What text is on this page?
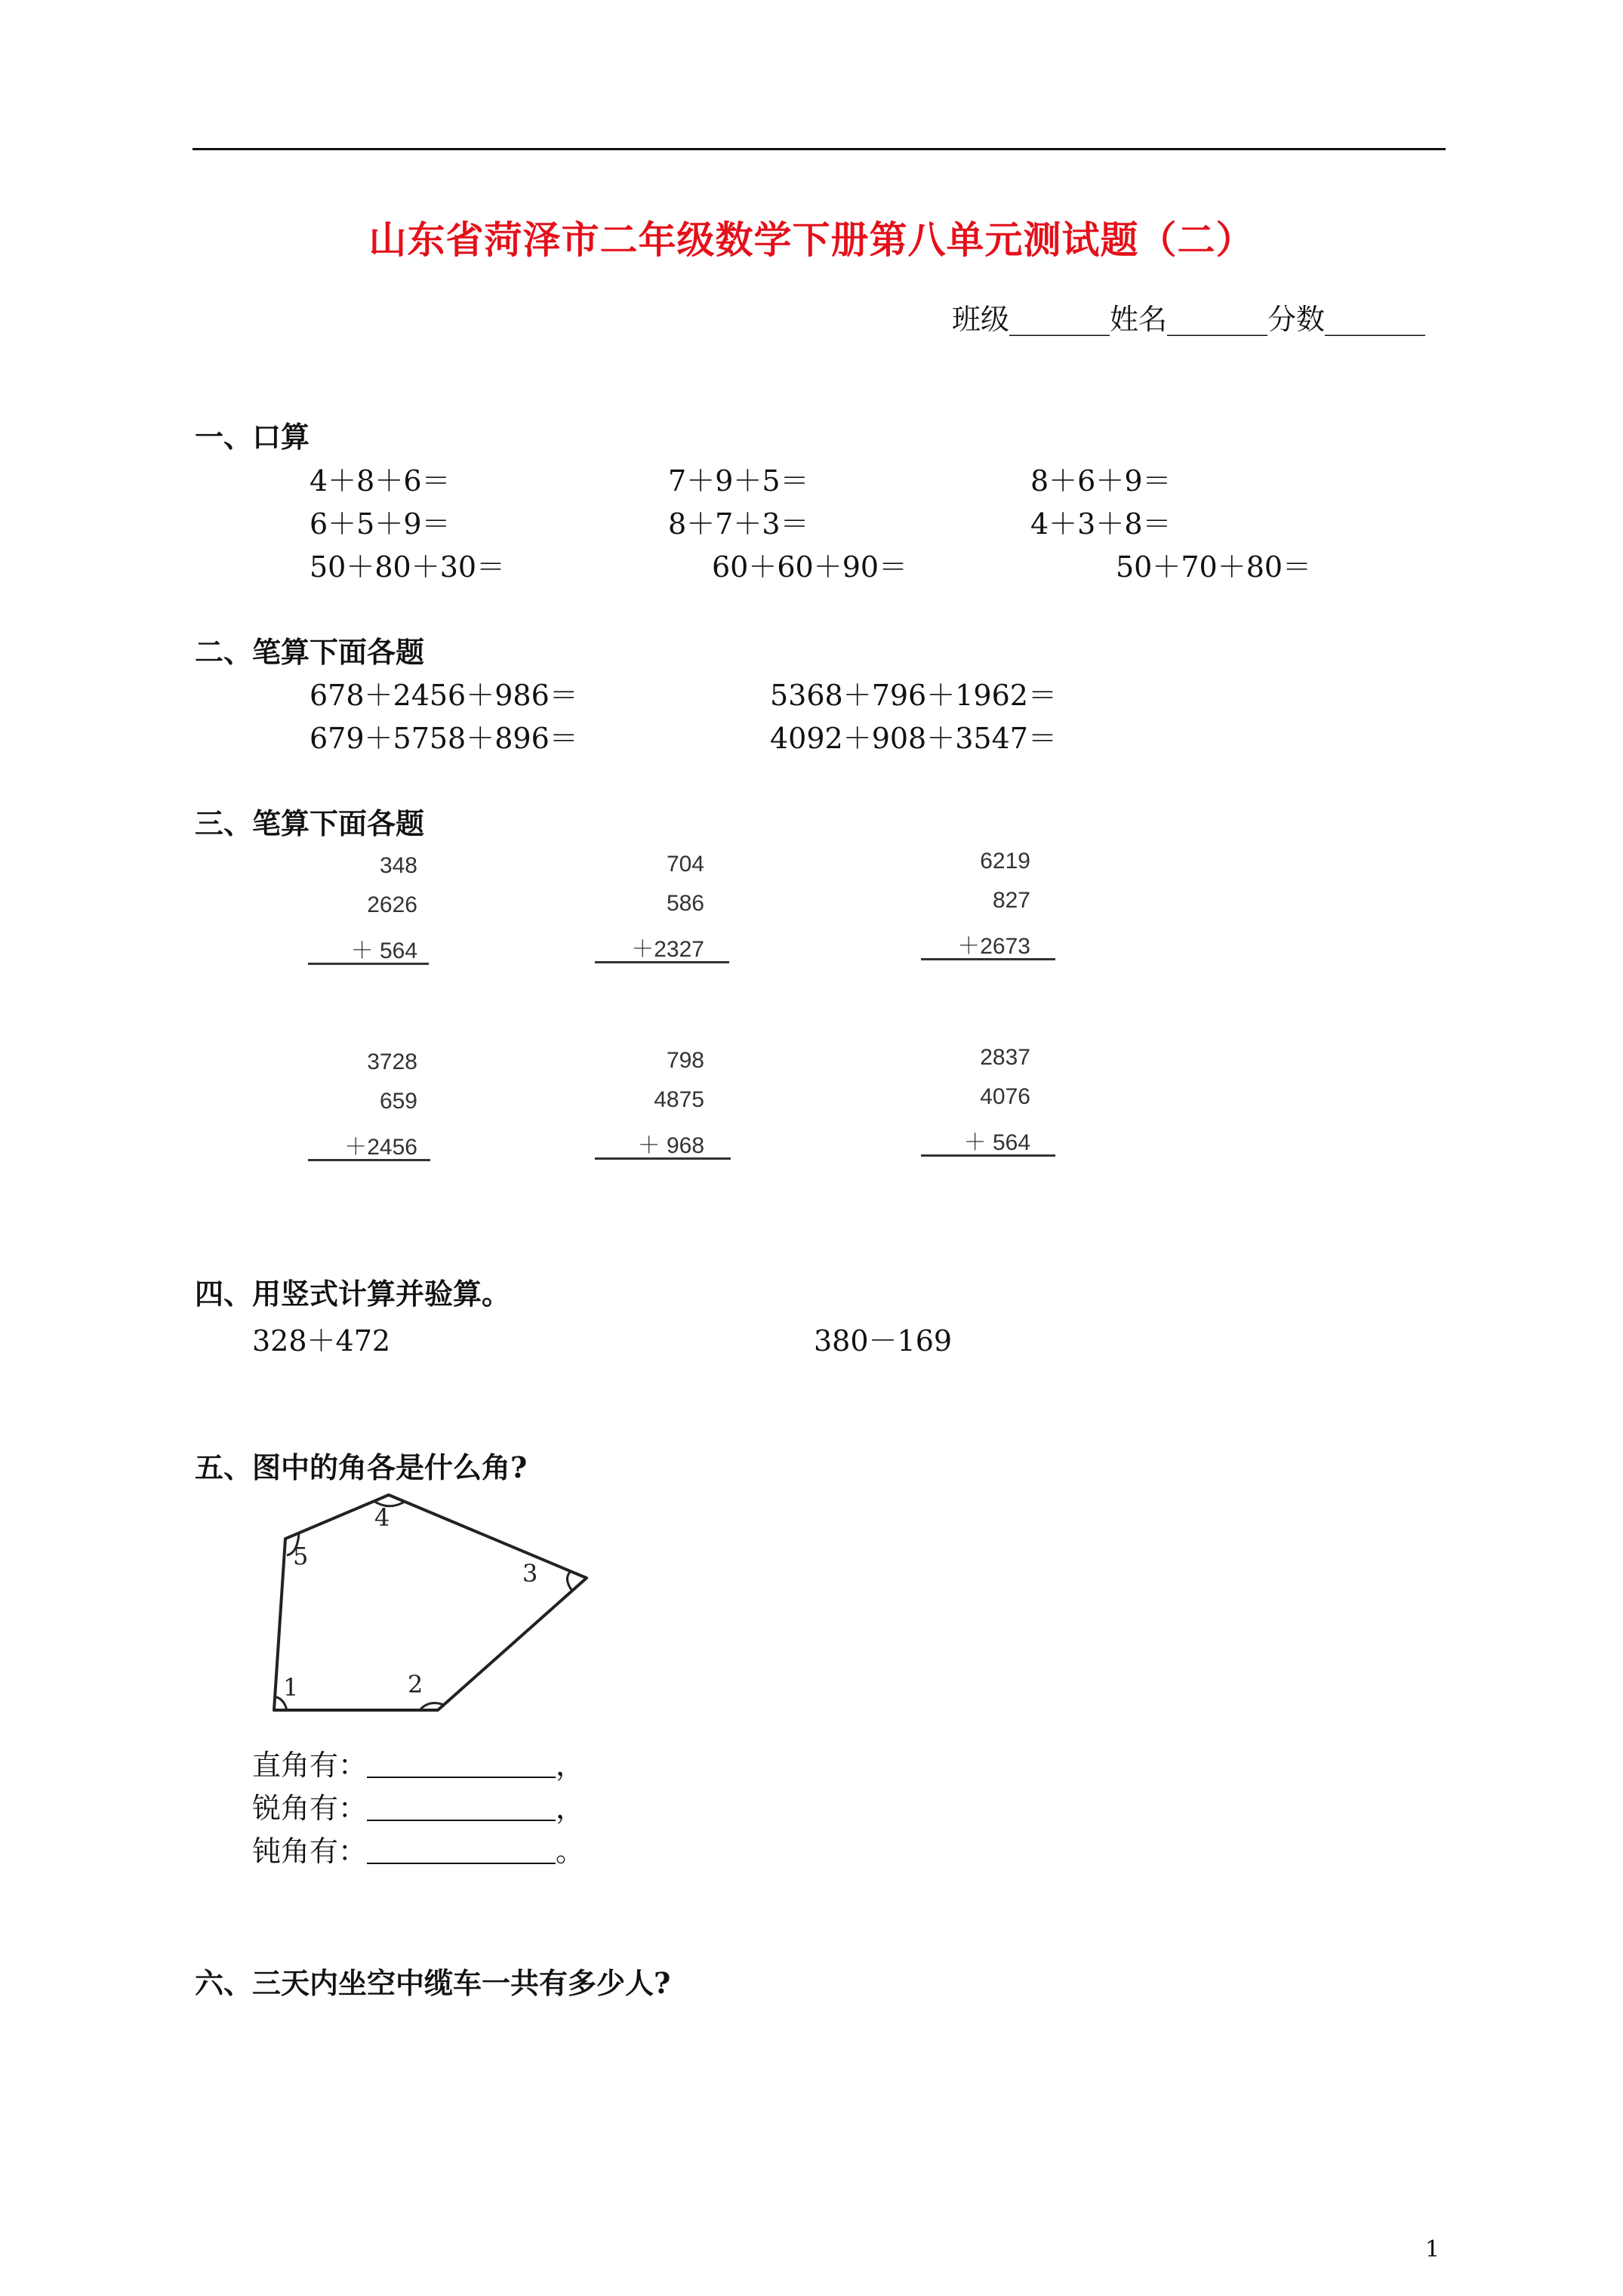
山东省菏泽市二年级数学下册第八单元测试题（二）
班级_______姓名_______分数_______
一、口算
4＋8＋6＝	7＋9＋5＝	8＋6＋9＝
6＋5＋9＝	8＋7＋3＝	4＋3＋8＝
50＋80＋30＝	60＋60＋90＝	50＋70＋80＝
二、笔算下面各题
678＋2456＋986＝	5368＋796＋1962＝
679＋5758＋896＝	4092＋908＋3547＝
三、笔算下面各题
348
2626
＋ 564
704
586
＋2327
6219
827
＋2673
3728
659
＋2456
798
4875
＋ 968
2837
4076
＋ 564
四、用竖式计算并验算。
328＋472	380－169
五、图中的角各是什么角?
1	2
3
4
5
直角有：	，
锐角有：	，
钝角有：	。
六、三天内坐空中缆车一共有多少人?
1
